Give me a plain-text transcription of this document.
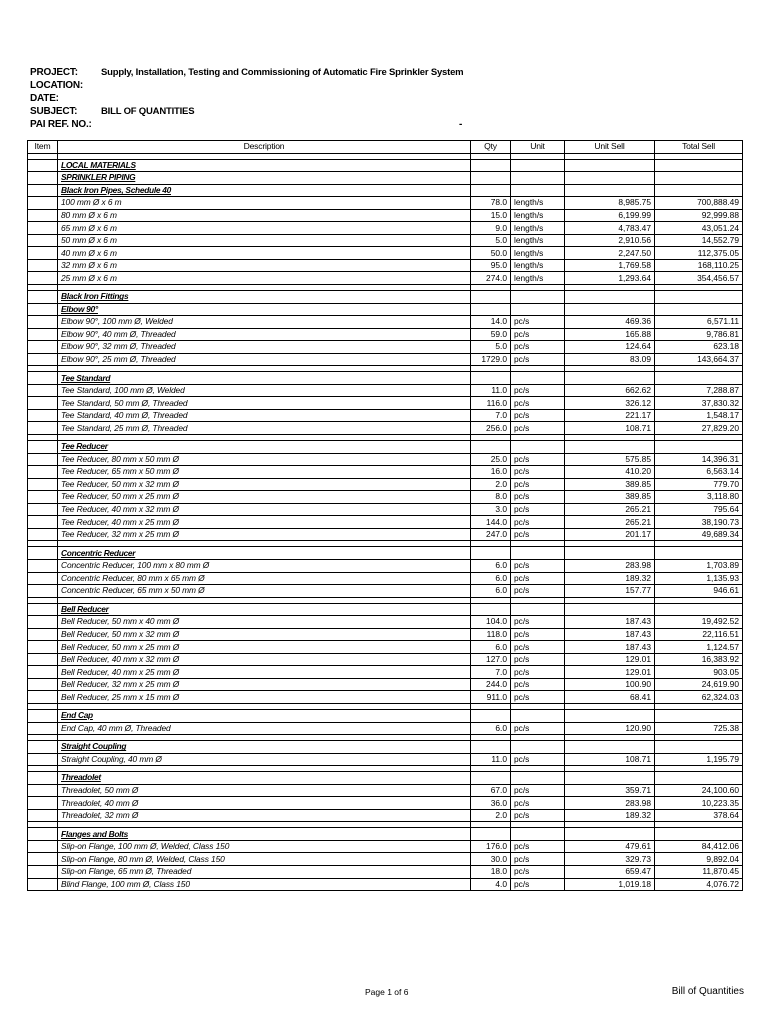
PROJECT:	Supply, Installation, Testing and Commissioning of Automatic Fire Sprinkler System
LOCATION:
DATE:
SUBJECT:	BILL OF QUANTITIES
PAI REF. NO.:	-
Item	Description	Qty	Unit	Unit Sell	Total Sell

	LOCAL MATERIALS				
	SPRINKLER PIPING				
	Black Iron Pipes, Schedule 40				
	100 mm Ø x 6 m	78.0	length/s	8,985.75	700,888.49
	80 mm Ø x 6 m	15.0	length/s	6,199.99	92,999.88
	65 mm Ø x 6 m	9.0	length/s	4,783.47	43,051.24
	50 mm Ø x 6 m	5.0	length/s	2,910.56	14,552.79
	40 mm Ø x 6 m	50.0	length/s	2,247.50	112,375.05
	32 mm Ø x 6 m	95.0	length/s	1,769.58	168,110.25
	25 mm Ø x 6 m	274.0	length/s	1,293.64	354,456.57

	Black Iron Fittings				
	Elbow 90°				
	Elbow 90°, 100 mm Ø, Welded	14.0	pc/s	469.36	6,571.11
	Elbow 90°, 40 mm Ø, Threaded	59.0	pc/s	165.88	9,786.81
	Elbow 90°, 32 mm Ø, Threaded	5.0	pc/s	124.64	623.18
	Elbow 90°, 25 mm Ø, Threaded	1729.0	pc/s	83.09	143,664.37

	Tee Standard				
	Tee Standard, 100 mm Ø, Welded	11.0	pc/s	662.62	7,288.87
	Tee Standard, 50 mm Ø, Threaded	116.0	pc/s	326.12	37,830.32
	Tee Standard, 40 mm Ø, Threaded	7.0	pc/s	221.17	1,548.17
	Tee Standard, 25 mm Ø, Threaded	256.0	pc/s	108.71	27,829.20

	Tee Reducer				
	Tee Reducer, 80 mm x 50 mm Ø	25.0	pc/s	575.85	14,396.31
	Tee Reducer, 65 mm x 50 mm Ø	16.0	pc/s	410.20	6,563.14
	Tee Reducer, 50 mm x 32 mm Ø	2.0	pc/s	389.85	779.70
	Tee Reducer, 50 mm x 25 mm Ø	8.0	pc/s	389.85	3,118.80
	Tee Reducer, 40 mm x 32 mm Ø	3.0	pc/s	265.21	795.64
	Tee Reducer, 40 mm x 25 mm Ø	144.0	pc/s	265.21	38,190.73
	Tee Reducer, 32 mm x 25 mm Ø	247.0	pc/s	201.17	49,689.34

	Concentric Reducer				
	Concentric Reducer, 100 mm x 80 mm Ø	6.0	pc/s	283.98	1,703.89
	Concentric Reducer, 80 mm x 65 mm Ø	6.0	pc/s	189.32	1,135.93
	Concentric Reducer, 65 mm x 50 mm Ø	6.0	pc/s	157.77	946.61

	Bell Reducer				
	Bell Reducer, 50 mm x 40 mm Ø	104.0	pc/s	187.43	19,492.52
	Bell Reducer, 50 mm x 32 mm Ø	118.0	pc/s	187.43	22,116.51
	Bell Reducer, 50 mm x 25 mm Ø	6.0	pc/s	187.43	1,124.57
	Bell Reducer, 40 mm x 32 mm Ø	127.0	pc/s	129.01	16,383.92
	Bell Reducer, 40 mm x 25 mm Ø	7.0	pc/s	129.01	903.05
	Bell Reducer, 32 mm x 25 mm Ø	244.0	pc/s	100.90	24,619.90
	Bell Reducer, 25 mm x 15 mm Ø	911.0	pc/s	68.41	62,324.03

	End Cap				
	End Cap, 40 mm Ø, Threaded	6.0	pc/s	120.90	725.38

	Straight Coupling				
	Straight Coupling, 40 mm Ø	11.0	pc/s	108.71	1,195.79

	Threadolet				
	Threadolet, 50 mm Ø	67.0	pc/s	359.71	24,100.60
	Threadolet, 40 mm Ø	36.0	pc/s	283.98	10,223.35
	Threadolet, 32 mm Ø	2.0	pc/s	189.32	378.64

	Flanges and Bolts				
	Slip-on Flange, 100 mm Ø, Welded, Class 150	176.0	pc/s	479.61	84,412.06
	Slip-on Flange, 80 mm Ø, Welded, Class 150	30.0	pc/s	329.73	9,892.04
	Slip-on Flange, 65 mm Ø, Threaded	18.0	pc/s	659.47	11,870.45
	Blind Flange, 100 mm Ø, Class 150	4.0	pc/s	1,019.18	4,076.72
Page 1 of 6	Bill of Quantities
